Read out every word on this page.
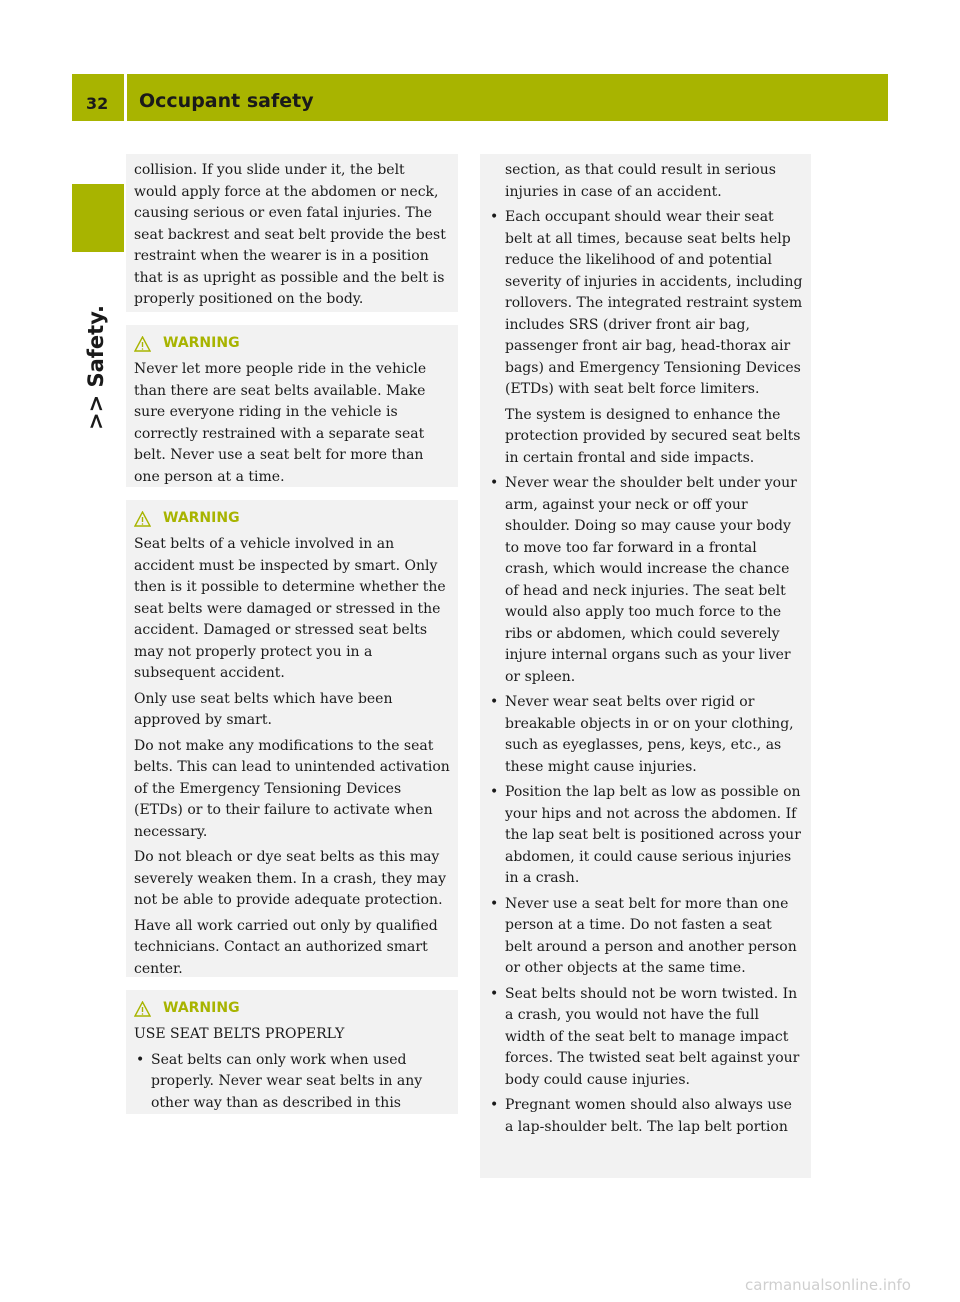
32 Occupant safety
>> Safety.

collision. If you slide under it, the belt would apply force at the abdomen or neck, causing serious or even fatal injuries. The seat backrest and seat belt provide the best restraint when the wearer is in a position that is as upright as possible and the belt is properly positioned on the body.

WARNING

Never let more people ride in the vehicle than there are seat belts available. Make sure everyone riding in the vehicle is correctly restrained with a separate seat belt. Never use a seat belt for more than one person at a time.

WARNING

Seat belts of a vehicle involved in an accident must be inspected by smart. Only then is it possible to determine whether the seat belts were damaged or stressed in the accident. Damaged or stressed seat belts may not properly protect you in a subsequent accident.

Only use seat belts which have been approved by smart.

Do not make any modifications to the seat belts. This can lead to unintended activation of the Emergency Tensioning Devices (ETDs) or to their failure to activate when necessary.

Do not bleach or dye seat belts as this may severely weaken them. In a crash, they may not be able to provide adequate protection.

Have all work carried out only by qualified technicians. Contact an authorized smart center.

WARNING

USE SEAT BELTS PROPERLY

• Seat belts can only work when used properly. Never wear seat belts in any other way than as described in this

section, as that could result in serious injuries in case of an accident.

• Each occupant should wear their seat belt at all times, because seat belts help reduce the likelihood of and potential severity of injuries in accidents, including rollovers. The integrated restraint system includes SRS (driver front air bag, passenger front air bag, head-thorax air bags) and Emergency Tensioning Devices (ETDs) with seat belt force limiters.
The system is designed to enhance the protection provided by secured seat belts in certain frontal and side impacts.
• Never wear the shoulder belt under your arm, against your neck or off your shoulder. Doing so may cause your body to move too far forward in a frontal crash, which would increase the chance of head and neck injuries. The seat belt would also apply too much force to the ribs or abdomen, which could severely injure internal organs such as your liver or spleen.
• Never wear seat belts over rigid or breakable objects in or on your clothing, such as eyeglasses, pens, keys, etc., as these might cause injuries.
• Position the lap belt as low as possible on your hips and not across the abdomen. If the lap seat belt is positioned across your abdomen, it could cause serious injuries in a crash.
• Never use a seat belt for more than one person at a time. Do not fasten a seat belt around a person and another person or other objects at the same time.
• Seat belts should not be worn twisted. In a crash, you would not have the full width of the seat belt to manage impact forces. The twisted seat belt against your body could cause injuries.
• Pregnant women should also always use a lap-shoulder belt. The lap belt portion
carmanualsonline.info
